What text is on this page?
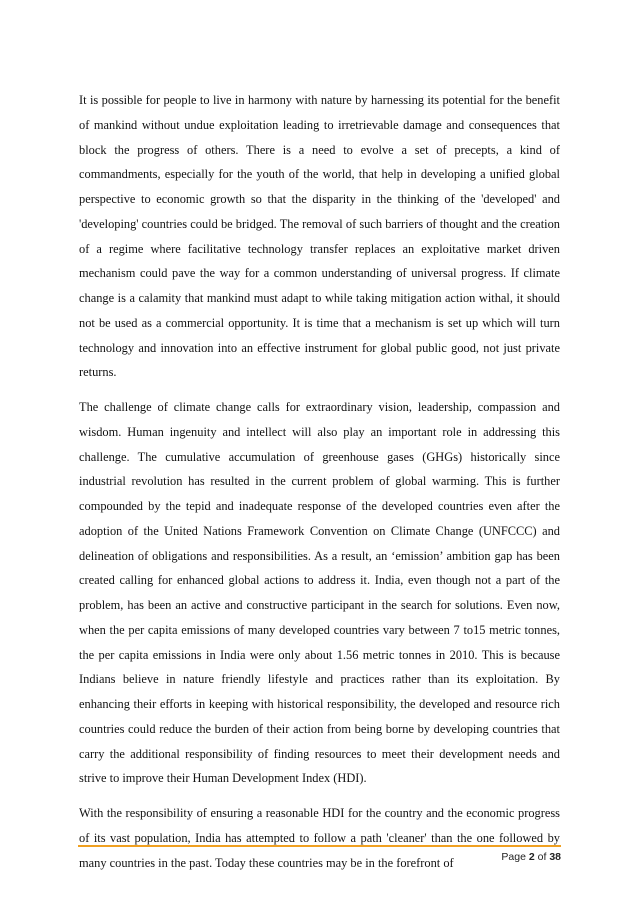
It is possible for people to live in harmony with nature by harnessing its potential for the benefit of mankind without undue exploitation leading to irretrievable damage and consequences that block the progress of others. There is a need to evolve a set of precepts, a kind of commandments, especially for the youth of the world, that help in developing a unified global perspective to economic growth so that the disparity in the thinking of the 'developed' and 'developing' countries could be bridged. The removal of such barriers of thought and the creation of a regime where facilitative technology transfer replaces an exploitative market driven mechanism could pave the way for a common understanding of universal progress. If climate change is a calamity that mankind must adapt to while taking mitigation action withal, it should not be used as a commercial opportunity. It is time that a mechanism is set up which will turn technology and innovation into an effective instrument for global public good, not just private returns.

The challenge of climate change calls for extraordinary vision, leadership, compassion and wisdom. Human ingenuity and intellect will also play an important role in addressing this challenge. The cumulative accumulation of greenhouse gases (GHGs) historically since industrial revolution has resulted in the current problem of global warming. This is further compounded by the tepid and inadequate response of the developed countries even after the adoption of the United Nations Framework Convention on Climate Change (UNFCCC) and delineation of obligations and responsibilities. As a result, an ‘emission’ ambition gap has been created calling for enhanced global actions to address it. India, even though not a part of the problem, has been an active and constructive participant in the search for solutions. Even now, when the per capita emissions of many developed countries vary between 7 to15 metric tonnes, the per capita emissions in India were only about 1.56 metric tonnes in 2010. This is because Indians believe in nature friendly lifestyle and practices rather than its exploitation. By enhancing their efforts in keeping with historical responsibility, the developed and resource rich countries could reduce the burden of their action from being borne by developing countries that carry the additional responsibility of finding resources to meet their development needs and strive to improve their Human Development Index (HDI).

With the responsibility of ensuring a reasonable HDI for the country and the economic progress of its vast population, India has attempted to follow a path 'cleaner' than the one followed by many countries in the past. Today these countries may be in the forefront of	Page 2 of 38
